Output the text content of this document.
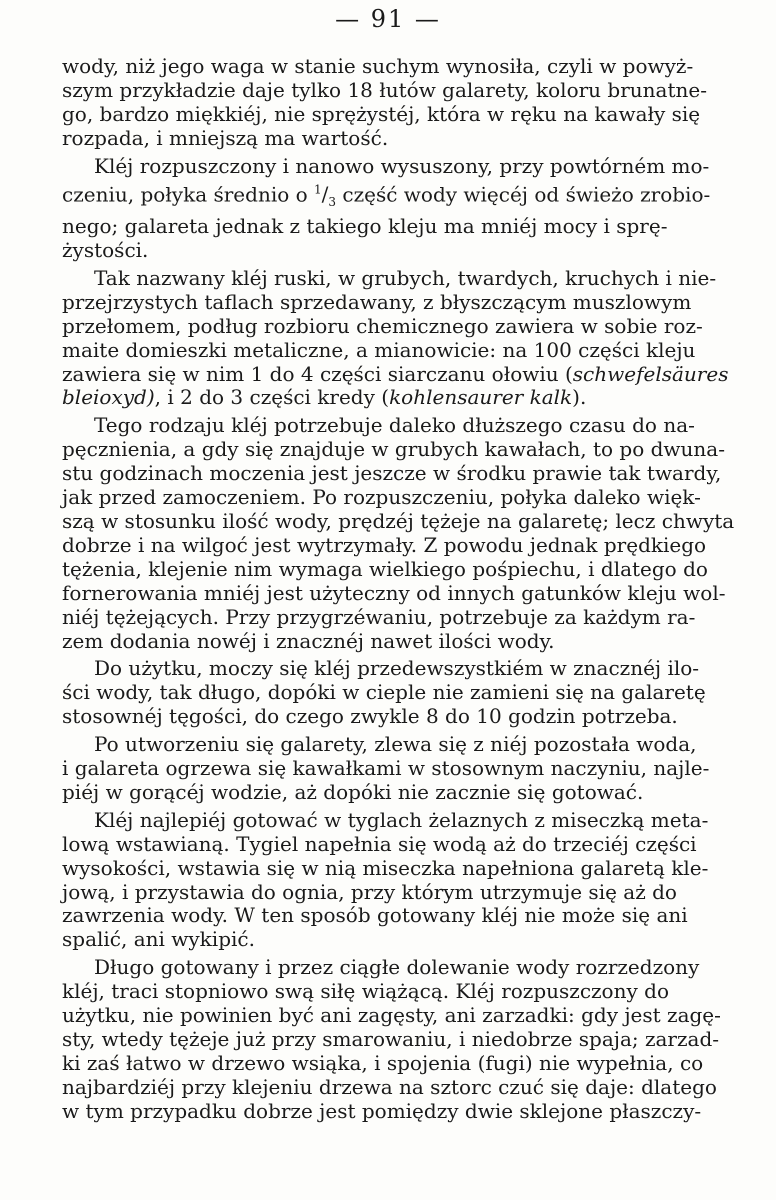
— 91 —
wody, niż jego waga w stanie suchym wynosiła, czyli w powyż-
szym przykładzie daje tylko 18 łutów galarety, koloru brunatne-
go, bardzo miękkiéj, nie sprężystéj, która w ręku na kawały się
rozpada, i mniejszą ma wartość.
Kléj rozpuszczony i nanowo wysuszony, przy powtórném mo-
czeniu, połyka średnio o $^1/_3$ część wody więcéj od świeżo zrobio-
nego; galareta jednak z takiego kleju ma mniéj mocy i sprę-
żystości.
Tak nazwany kléj ruski, w grubych, twardych, kruchych i nie-
przejrzystych taflach sprzedawany, z błyszczącym muszlowym
przełomem, podług rozbioru chemicznego zawiera w sobie roz-
maite domieszki metaliczne, a mianowicie: na 100 części kleju
zawiera się w nim 1 do 4 części siarczanu ołowiu (schwefelsäures
bleioxyd), i 2 do 3 części kredy (kohlensaurer kalk).
Tego rodzaju kléj potrzebuje daleko dłuższego czasu do na-
pęcznienia, a gdy się znajduje w grubych kawałach, to po dwuna-
stu godzinach moczenia jest jeszcze w środku prawie tak twardy,
jak przed zamoczeniem. Po rozpuszczeniu, połyka daleko więk-
szą w stosunku ilość wody, prędzéj tężeje na galaretę; lecz chwyta
dobrze i na wilgoć jest wytrzymały. Z powodu jednak prędkiego
tężenia, klejenie nim wymaga wielkiego pośpiechu, i dlatego do
fornerowania mniéj jest użyteczny od innych gatunków kleju wol-
niéj tężejących. Przy przygrzéwaniu, potrzebuje za każdym ra-
zem dodania nowéj i znacznéj nawet ilości wody.
Do użytku, moczy się kléj przedewszystkiém w znacznéj ilo-
ści wody, tak długo, dopóki w cieple nie zamieni się na galaretę
stosownéj tęgości, do czego zwykle 8 do 10 godzin potrzeba.
Po utworzeniu się galarety, zlewa się z niéj pozostała woda,
i galareta ogrzewa się kawałkami w stosownym naczyniu, najle-
piéj w gorącéj wodzie, aż dopóki nie zacznie się gotować.
Kléj najlepiéj gotować w tyglach żelaznych z miseczką meta-
lową wstawianą. Tygiel napełnia się wodą aż do trzeciéj części
wysokości, wstawia się w nią miseczka napełniona galaretą kle-
jową, i przystawia do ognia, przy którym utrzymuje się aż do
zawrzenia wody. W ten sposób gotowany kléj nie może się ani
spalić, ani wykipić.
Długo gotowany i przez ciągłe dolewanie wody rozrzedzony
kléj, traci stopniowo swą siłę wiążącą. Kléj rozpuszczony do
użytku, nie powinien być ani zagęsty, ani zarzadki: gdy jest zagę-
sty, wtedy tężeje już przy smarowaniu, i niedobrze spaja; zarzad-
ki zaś łatwo w drzewo wsiąka, i spojenia (fugi) nie wypełnia, co
najbardziéj przy klejeniu drzewa na sztorc czuć się daje: dlatego
w tym przypadku dobrze jest pomiędzy dwie sklejone płaszczy-
